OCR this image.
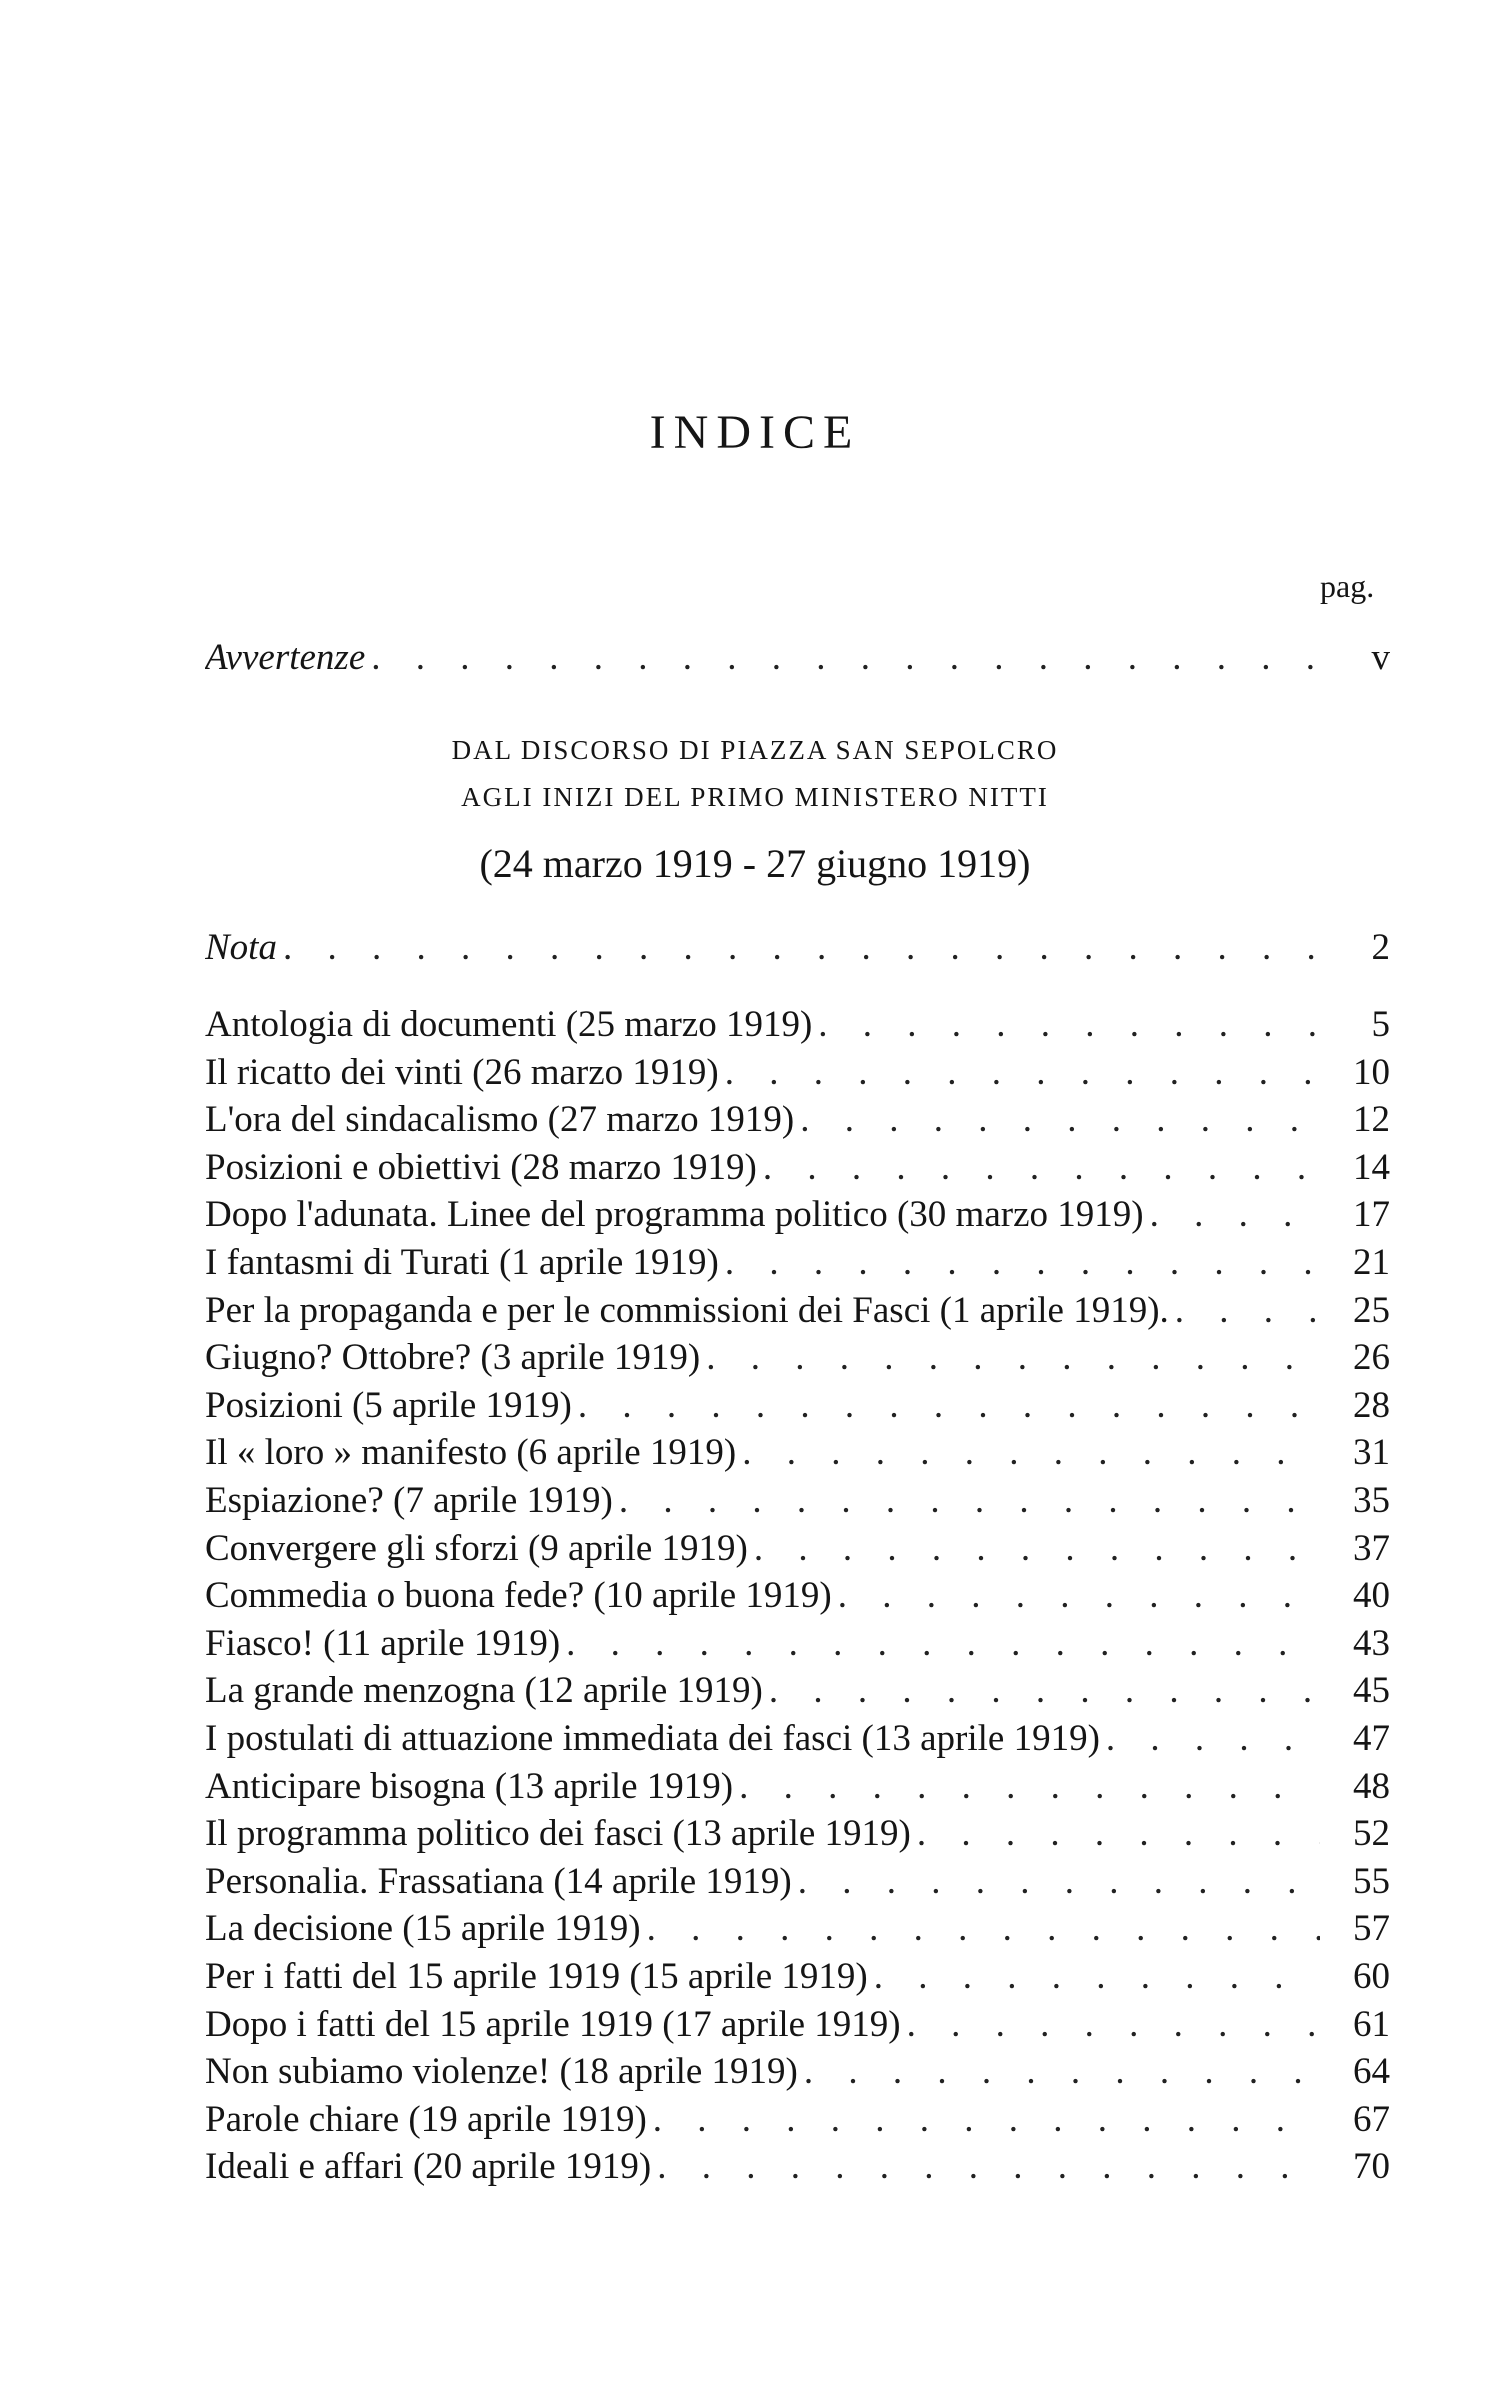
INDICE
pag.
Avvertenze . . .	v
DAL DISCORSO DI PIAZZA SAN SEPOLCRO
AGLI INIZI DEL PRIMO MINISTERO NITTI
(24 marzo 1919 - 27 giugno 1919)
Nota . . .	2
Antologia di documenti (25 marzo 1919) . . .	5
Il ricatto dei vinti (26 marzo 1919) . . .	10
L'ora del sindacalismo (27 marzo 1919) . . .	12
Posizioni e obiettivi (28 marzo 1919) . . .	14
Dopo l'adunata. Linee del programma politico (30 marzo 1919) . . .	17
I fantasmi di Turati (1 aprile 1919) . . .	21
Per la propaganda e per le commissioni dei Fasci (1 aprile 1919). . . .	25
Giugno? Ottobre? (3 aprile 1919) . . .	26
Posizioni (5 aprile 1919) . . .	28
Il « loro » manifesto (6 aprile 1919) . . .	31
Espiazione? (7 aprile 1919) . . .	35
Convergere gli sforzi (9 aprile 1919) . . .	37
Commedia o buona fede? (10 aprile 1919) . . .	40
Fiasco! (11 aprile 1919) . . .	43
La grande menzogna (12 aprile 1919) . . .	45
I postulati di attuazione immediata dei fasci (13 aprile 1919) . . .	47
Anticipare bisogna (13 aprile 1919) . . .	48
Il programma politico dei fasci (13 aprile 1919) . . .	52
Personalia. Frassatiana (14 aprile 1919) . . .	55
La decisione (15 aprile 1919) . . .	57
Per i fatti del 15 aprile 1919 (15 aprile 1919) . . .	60
Dopo i fatti del 15 aprile 1919 (17 aprile 1919) . . .	61
Non subiamo violenze! (18 aprile 1919) . . .	64
Parole chiare (19 aprile 1919) . . .	67
Ideali e affari (20 aprile 1919) . . .	70
